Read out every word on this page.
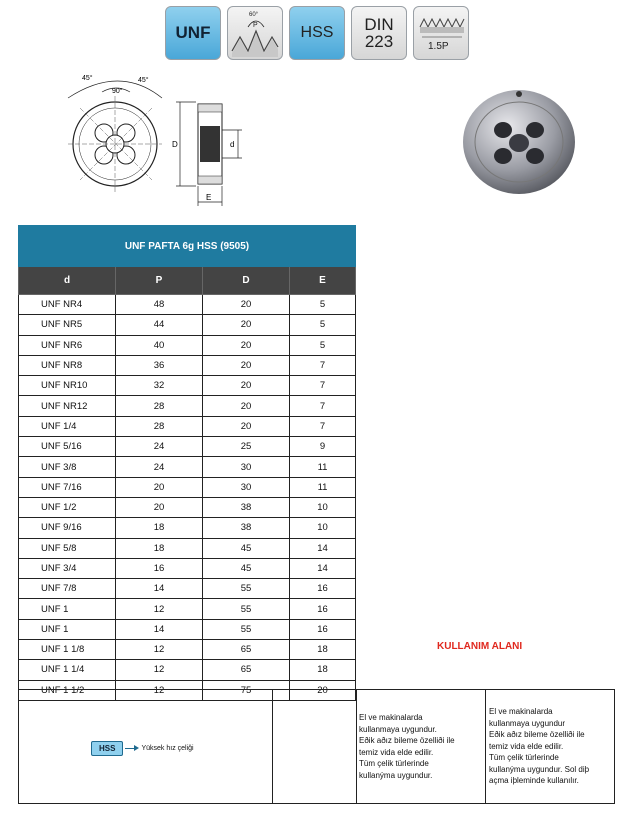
UNF
60°
P	HSS DIN
223	1.5P
45°	45°
90°
D	d
E
UNF PAFTA 6g HSS (9505)			
d	P	D	E
UNF NR4	48	20	5
UNF NR5	44	20	5
UNF NR6	40	20	5
UNF NR8	36	20	7
UNF NR10	32	20	7
UNF NR12	28	20	7
UNF 1/4	28	20	7
UNF 5/16	24	25	9
UNF 3/8	24	30	11
UNF 7/16	20	30	11
UNF 1/2	20	38	10
UNF 9/16	18	38	10
UNF 5/8	18	45	14
UNF 3/4	16	45	14
UNF 7/8	14	55	16
UNF 1	12	55	16
UNF 1	14	55	16
UNF 1 1/8	12	65	18
UNF 1 1/4	12	65	18
UNF 1 1/2	12	75	20
KULLANIM ALANI
HSS	Yüksek hız çeliği
El ve makinalarda
kullanmaya uygundur.
Eðik aðız bileme özelliði ile
temiz vida elde edilir.
Tüm çelik türlerinde
kullanýma uygundur.
El ve makinalarda
kullanmaya uygundur
Eðik aðız bileme özelliði ile
temiz vida elde edilir.
Tüm çelik türlerinde
kullanýma uygundur. Sol diþ
açma iþleminde kullanılır.
